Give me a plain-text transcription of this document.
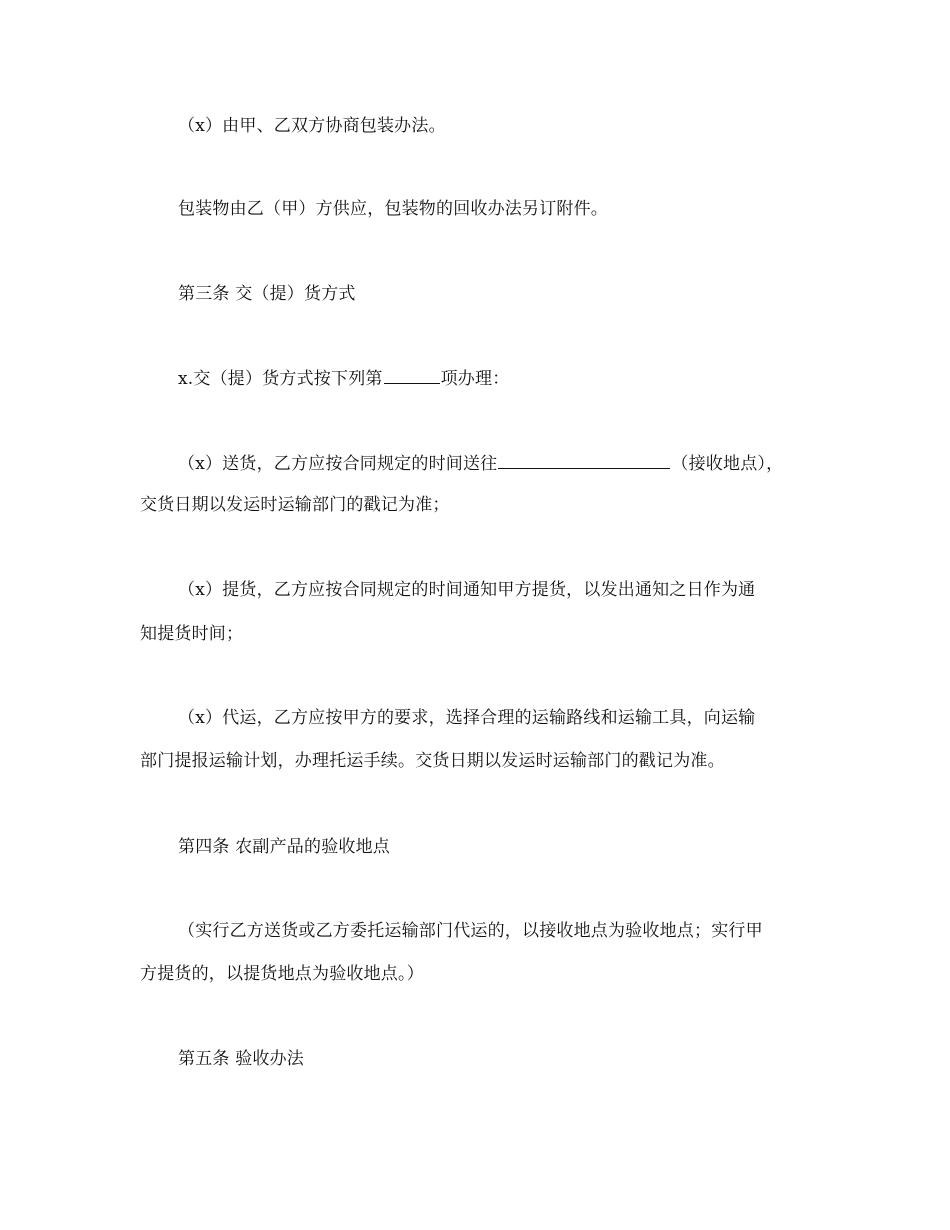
（x）由甲、乙双方协商包装办法。
包装物由乙（甲）方供应，包装物的回收办法另订附件。
第三条 交（提）货方式
x.交（提）货方式按下列第	项办理：
（x）送货，乙方应按合同规定的时间送往	（接收地点），
交货日期以发运时运输部门的戳记为准；
（x）提货，乙方应按合同规定的时间通知甲方提货，以发出通知之日作为通
知提货时间；
（x）代运，乙方应按甲方的要求，选择合理的运输路线和运输工具，向运输
部门提报运输计划，办理托运手续。交货日期以发运时运输部门的戳记为准。
第四条 农副产品的验收地点
（实行乙方送货或乙方委托运输部门代运的，以接收地点为验收地点；实行甲
方提货的，以提货地点为验收地点。）
第五条 验收办法
